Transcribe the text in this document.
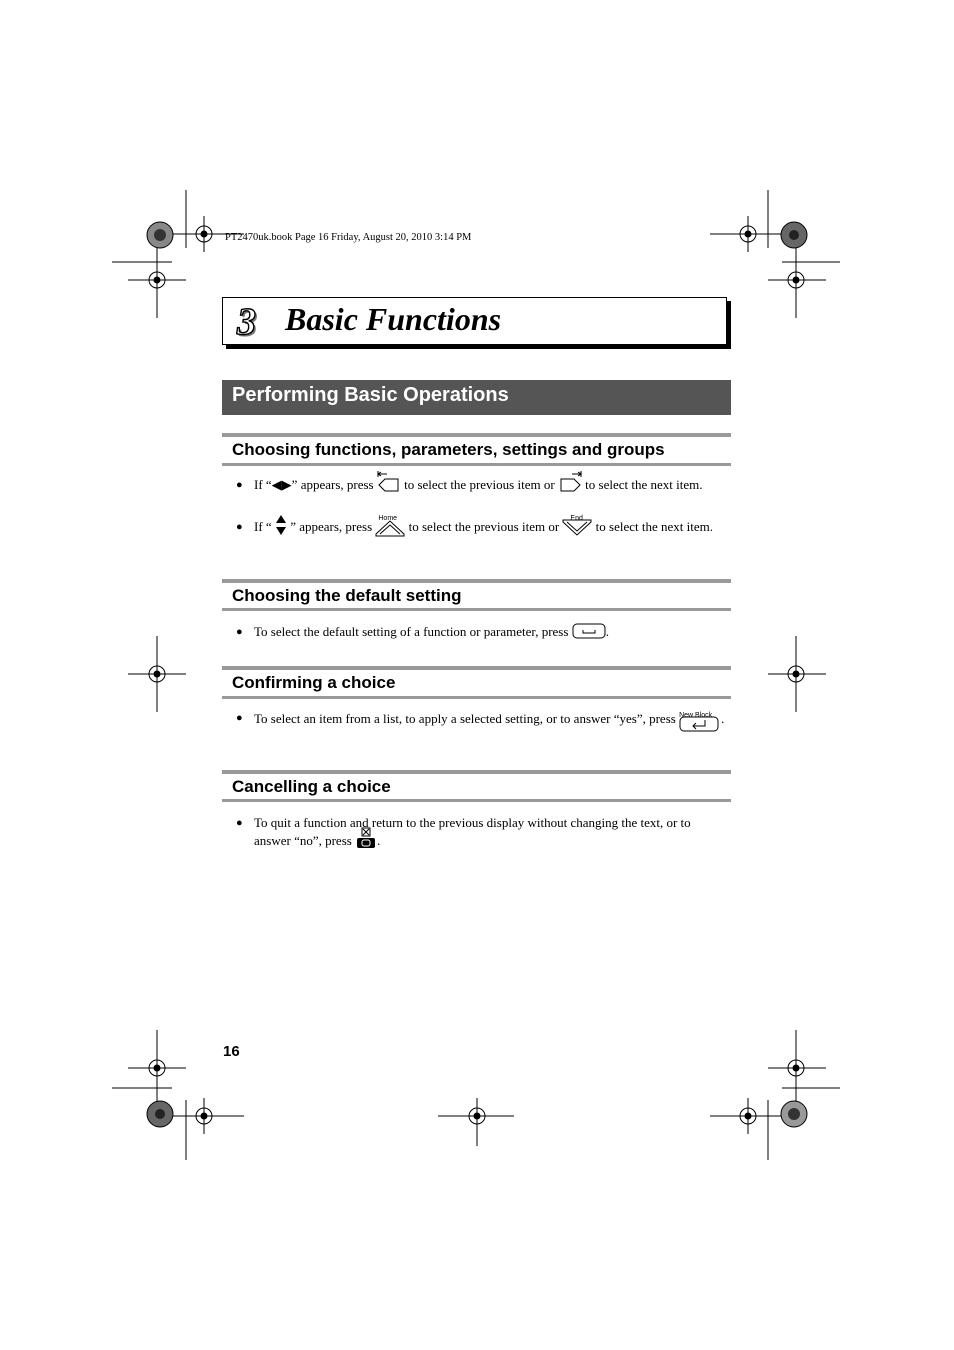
PT2470uk.book Page 16 Friday, August 20, 2010 3:14 PM
3 Basic Functions
Performing Basic Operations
Choosing functions, parameters, settings and groups
● If “◀▶” appears, press
to select the previous item or
to select the next item.
● If “
” appears, press
Home
to select the previous item or
End
to select the next item.
Choosing the default setting
● To select the default setting of a function or parameter, press	.
Confirming a choice
● To select an item from a list, to apply a selected setting, or to answer “yes”, press New Block .
Cancelling a choice
● To quit a function and return to the previous display without changing the text, or to answer “no”, press
.
16
